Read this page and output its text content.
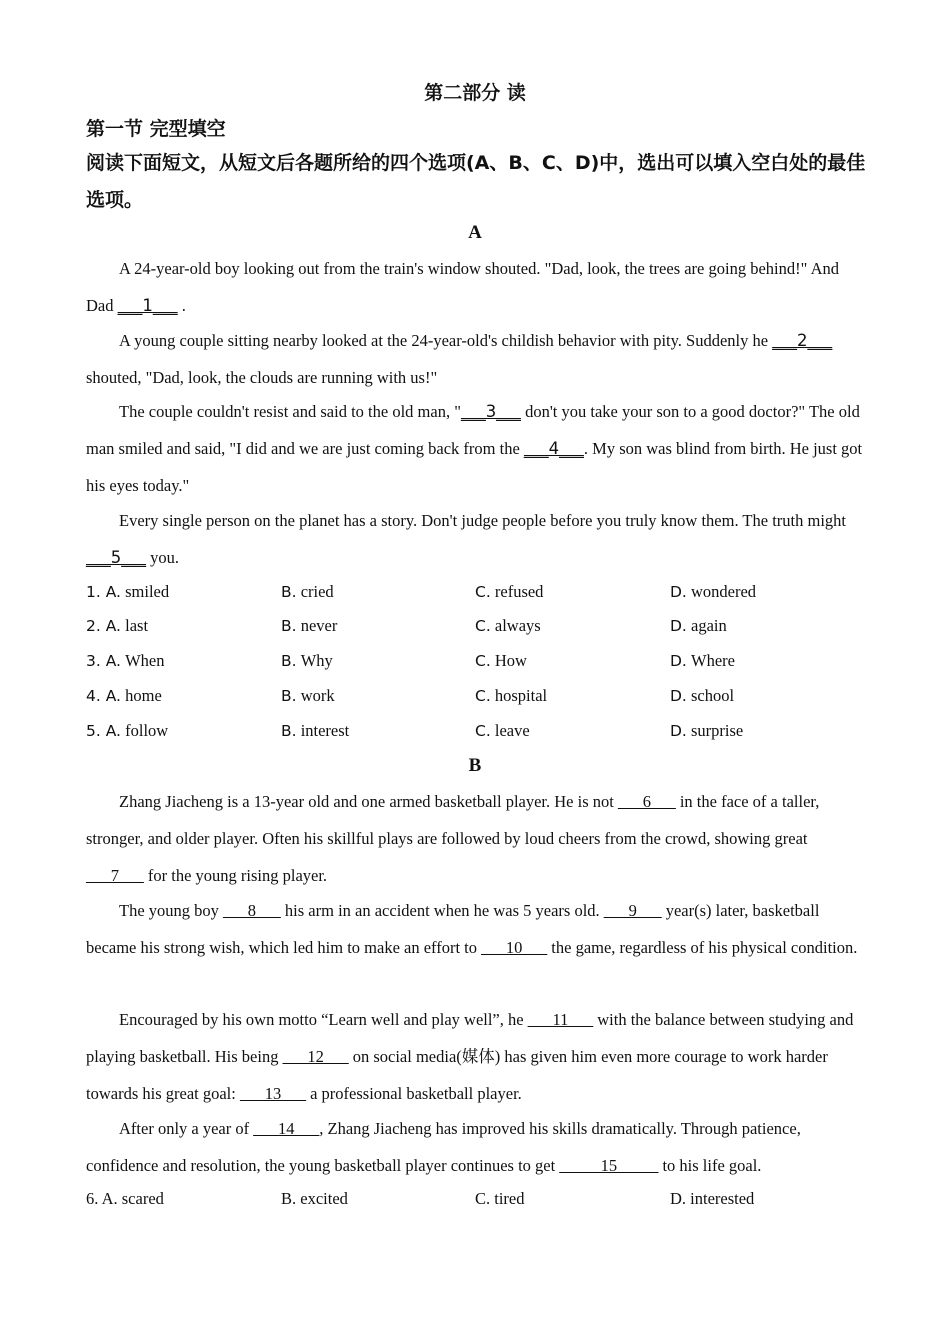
第二部分 读
第一节 完型填空
阅读下面短文，从短文后各题所给的四个选项(A、B、C、D)中，选出可以填入空白处的最佳选项。
A
A 24-year-old boy looking out from the train's window shouted. "Dad, look, the trees are going behind!" And Dad ___1___ .
A young couple sitting nearby looked at the 24-year-old's childish behavior with pity. Suddenly he ___2___ shouted, "Dad, look, the clouds are running with us!"
The couple couldn't resist and said to the old man, "___3___ don't you take your son to a good doctor?" The old man smiled and said, "I did and we are just coming back from the ___4___. My son was blind from birth. He just got his eyes today."
Every single person on the planet has a story. Don't judge people before you truly know them. The truth might ___5___ you.
1. A. smiled	B. cried	C. refused	D. wondered
2. A. last	B. never	C. always	D. again
3. A. When	B. Why	C. How	D. Where
4. A. home	B. work	C. hospital	D. school
5. A. follow	B. interest	C. leave	D. surprise
B
Zhang Jiacheng is a 13-year old and one armed basketball player. He is not ___6___ in the face of a taller, stronger, and older player. Often his skillful plays are followed by loud cheers from the crowd, showing great ___7___ for the young rising player.
The young boy ___8___ his arm in an accident when he was 5 years old. ___9___ year(s) later, basketball became his strong wish, which led him to make an effort to ___10___ the game, regardless of his physical condition.
Encouraged by his own motto “Learn well and play well”, he ___11___ with the balance between studying and playing basketball. His being ___12___ on social media(媒体) has given him even more courage to work harder towards his great goal: ___13___ a professional basketball player.
After only a year of ___14___, Zhang Jiacheng has improved his skills dramatically. Through patience, confidence and resolution, the young basketball player continues to get _____15_____ to his life goal.
6. A. scared	B. excited	C. tired	D. interested
